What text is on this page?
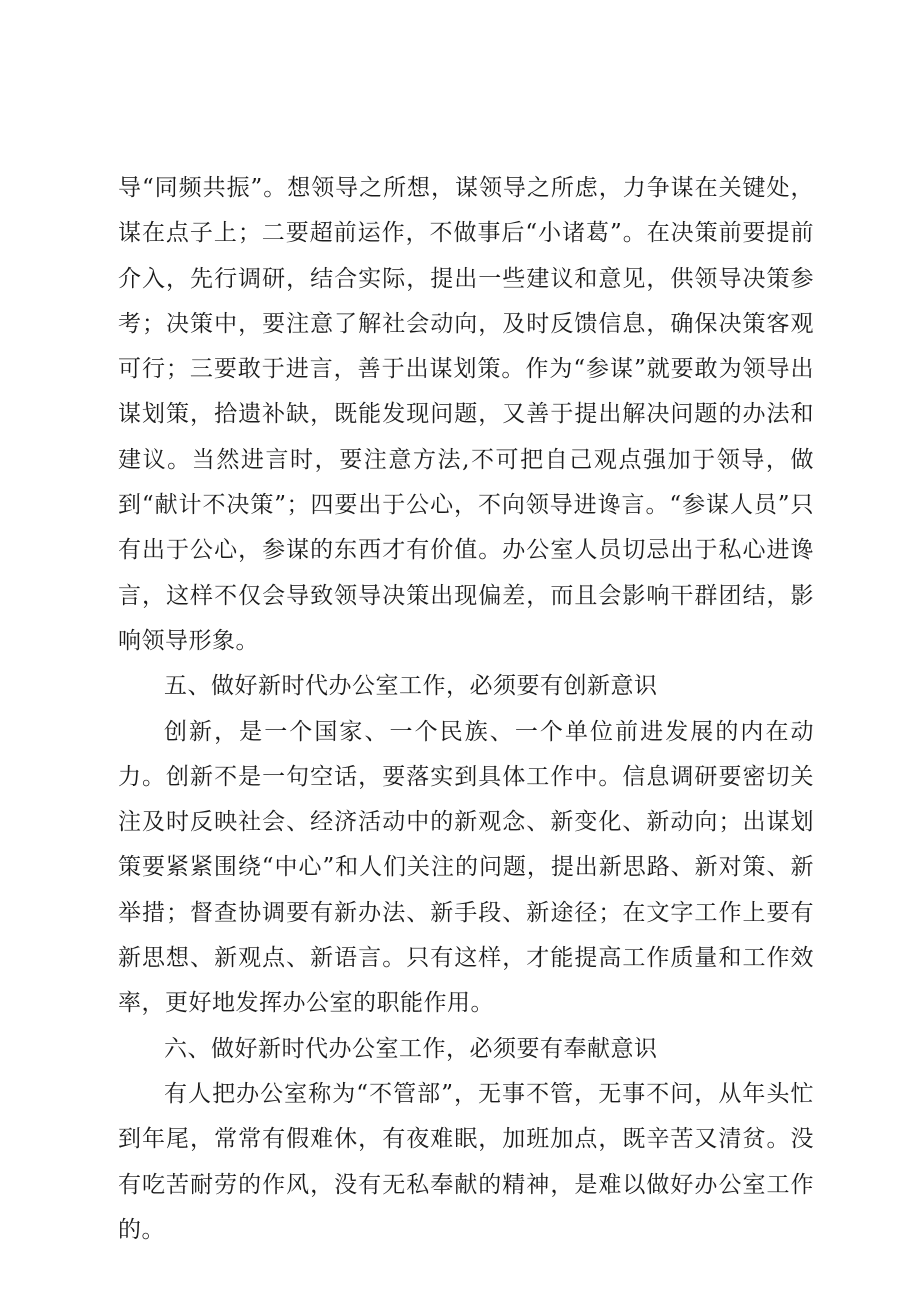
导“同频共振”。想领导之所想，谋领导之所虑，力争谋在关键处，谋在点子上；二要超前运作，不做事后“小诸葛”。在决策前要提前介入，先行调研，结合实际，提出一些建议和意见，供领导决策参考；决策中，要注意了解社会动向，及时反馈信息，确保决策客观可行；三要敢于进言，善于出谋划策。作为“参谋”就要敢为领导出谋划策，拾遗补缺，既能发现问题，又善于提出解决问题的办法和建议。当然进言时，要注意方法,不可把自己观点强加于领导，做到“献计不决策”；四要出于公心，不向领导进谗言。“参谋人员”只有出于公心，参谋的东西才有价值。办公室人员切忌出于私心进谗言，这样不仅会导致领导决策出现偏差，而且会影响干群团结，影响领导形象。

五、做好新时代办公室工作，必须要有创新意识

创新，是一个国家、一个民族、一个单位前进发展的内在动力。创新不是一句空话，要落实到具体工作中。信息调研要密切关注及时反映社会、经济活动中的新观念、新变化、新动向；出谋划策要紧紧围绕“中心”和人们关注的问题，提出新思路、新对策、新举措；督查协调要有新办法、新手段、新途径；在文字工作上要有新思想、新观点、新语言。只有这样，才能提高工作质量和工作效率，更好地发挥办公室的职能作用。

六、做好新时代办公室工作，必须要有奉献意识

有人把办公室称为“不管部”，无事不管，无事不问，从年头忙到年尾，常常有假难休，有夜难眠，加班加点，既辛苦又清贫。没有吃苦耐劳的作风，没有无私奉献的精神，是难以做好办公室工作的。
